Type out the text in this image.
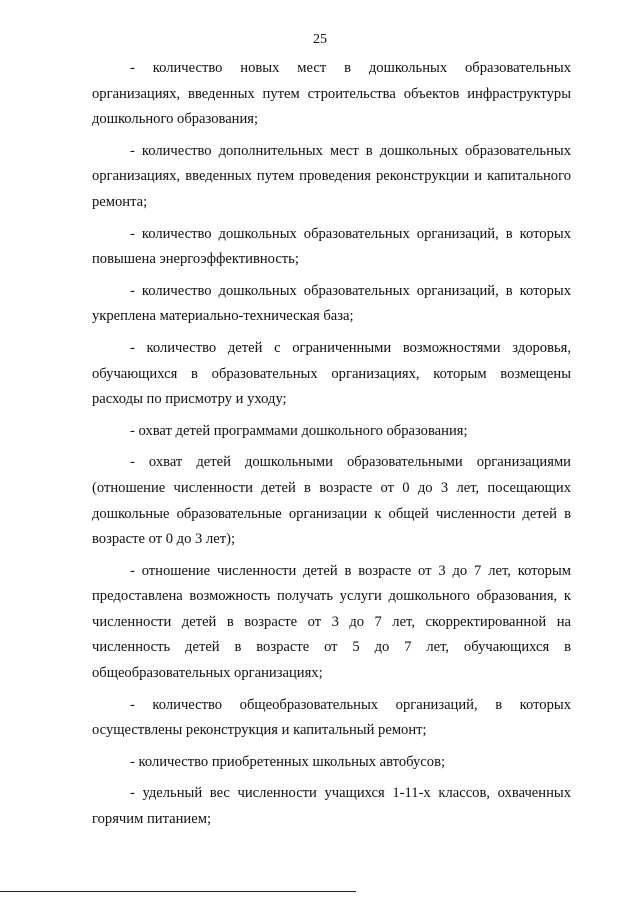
25

- количество новых мест в дошкольных образовательных организациях, введенных путем строительства объектов инфраструктуры дошкольного образования;

- количество дополнительных мест в дошкольных образовательных организациях, введенных путем проведения реконструкции и капитального ремонта;

- количество дошкольных образовательных организаций, в которых повышена энергоэффективность;

- количество дошкольных образовательных организаций, в которых укреплена материально-техническая база;

- количество детей с ограниченными возможностями здоровья, обучающихся в образовательных организациях, которым возмещены расходы по присмотру и уходу;

- охват детей программами дошкольного образования;

- охват детей дошкольными образовательными организациями (отношение численности детей в возрасте от 0 до 3 лет, посещающих дошкольные образовательные организации к общей численности детей в возрасте от 0 до 3 лет);

- отношение численности детей в возрасте от 3 до 7 лет, которым предоставлена возможность получать услуги дошкольного образования, к численности детей в возрасте от 3 до 7 лет, скорректированной на численность детей в возрасте от 5 до 7 лет, обучающихся в общеобразовательных организациях;

- количество общеобразовательных организаций, в которых осуществлены реконструкция и капитальный ремонт;

- количество приобретенных школьных автобусов;

- удельный вес численности учащихся 1-11-х классов, охваченных горячим питанием;
